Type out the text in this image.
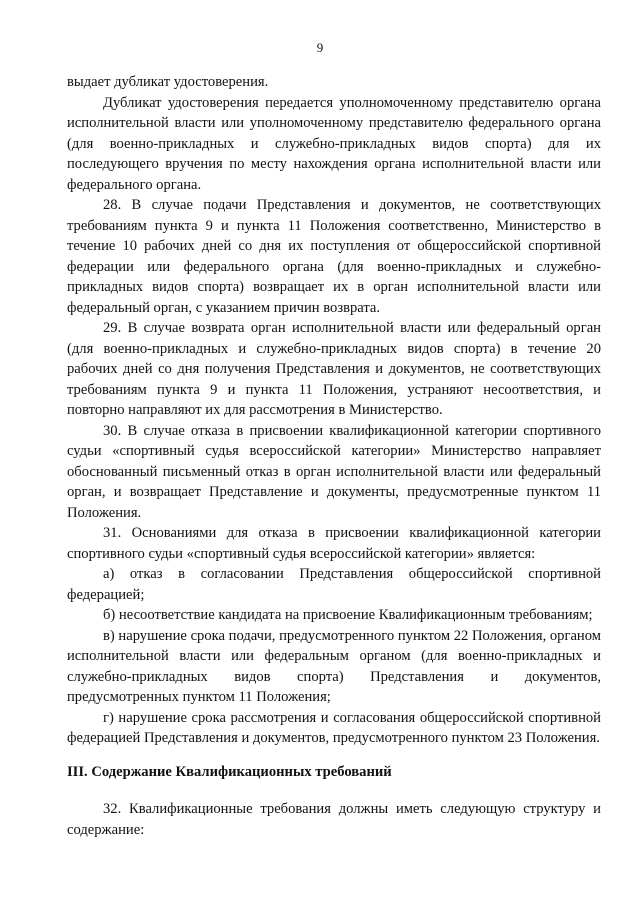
9

выдает дубликат удостоверения.

Дубликат удостоверения передается уполномоченному представителю органа исполнительной власти или уполномоченному представителю федерального органа (для военно-прикладных и служебно-прикладных видов спорта) для их последующего вручения по месту нахождения органа исполнительной власти или федерального органа.

28. В случае подачи Представления и документов, не соответствующих требованиям пункта 9 и пункта 11 Положения соответственно, Министерство в течение 10 рабочих дней со дня их поступления от общероссийской спортивной федерации или федерального органа (для военно-прикладных и служебно-прикладных видов спорта) возвращает их в орган исполнительной власти или федеральный орган, с указанием причин возврата.

29. В случае возврата орган исполнительной власти или федеральный орган (для военно-прикладных и служебно-прикладных видов спорта) в течение 20 рабочих дней со дня получения Представления и документов, не соответствующих требованиям пункта 9 и пункта 11 Положения, устраняют несоответствия, и повторно направляют их для рассмотрения в Министерство.

30. В случае отказа в присвоении квалификационной категории спортивного судьи «спортивный судья всероссийской категории» Министерство направляет обоснованный письменный отказ в орган исполнительной власти или федеральный орган, и возвращает Представление и документы, предусмотренные пунктом 11 Положения.

31. Основаниями для отказа в присвоении квалификационной категории спортивного судьи «спортивный судья всероссийской категории» является:

а) отказ в согласовании Представления общероссийской спортивной федерацией;

б) несоответствие кандидата на присвоение Квалификационным требованиям;

в) нарушение срока подачи, предусмотренного пунктом 22 Положения, органом исполнительной власти или федеральным органом (для военно-прикладных и служебно-прикладных видов спорта) Представления и документов, предусмотренных пунктом 11 Положения;

г) нарушение срока рассмотрения и согласования общероссийской спортивной федерацией Представления и документов, предусмотренного пунктом 23 Положения.

III. Содержание Квалификационных требований

32. Квалификационные требования должны иметь следующую структуру и содержание:
